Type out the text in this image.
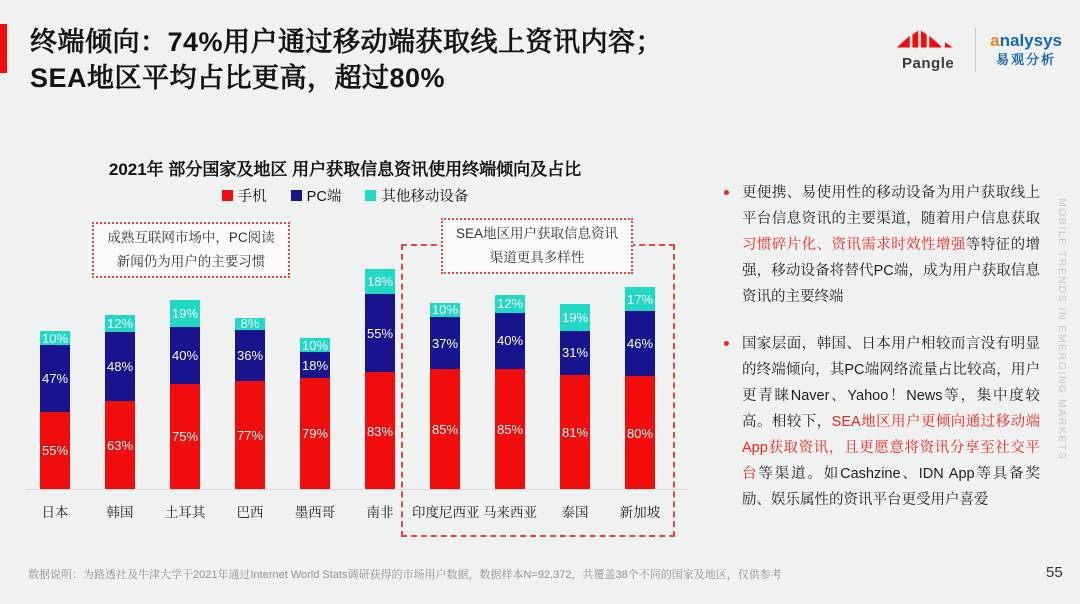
终端倾向：74%用户通过移动端获取线上资讯内容；
SEA地区平均占比更高，超过80%	Pangle
analysys
易观分析
2021年 部分国家及地区 用户获取信息资讯使用终端倾向及占比
手机	PC端	其他移动设备
55%
47%
10%
日本
63%
48%
12%
韩国
75%
40%
19%
土耳其
77%
36%
8%
巴西
79%
18%
10%
墨西哥
83%
55%
18%
南非
85%
37%
10%
印度尼西亚
85%
40%
12%
马来西亚
81%
31%
19%
泰国
80%
46%
17%
新加坡
成熟互联网市场中，PC阅读
新闻仍为用户的主要习惯
SEA地区用户获取信息资讯
渠道更具多样性
更便携、易使用性的移动设备为用户获取线上平台信息资讯的主要渠道，随着用户信息获取习惯碎片化、资讯需求时效性增强等特征的增强，移动设备将替代PC端，成为用户获取信息资讯的主要终端
国家层面，韩国、日本用户相较而言没有明显的终端倾向，其PC端网络流量占比较高，用户更青睐Naver、Yahoo！News等，集中度较高。相较下，SEA地区用户更倾向通过移动端App获取资讯，且更愿意将资讯分享至社交平台等渠道。如Cashzine、IDN App等具备奖励、娱乐属性的资讯平台更受用户喜爱
MOBILE TRENDS IN EMERGING MARKETS
数据说明：为路透社及牛津大学于2021年通过Internet World Stats调研获得的市场用户数据，数据样本N=92,372，共覆盖38个不同的国家及地区，仅供参考	55
